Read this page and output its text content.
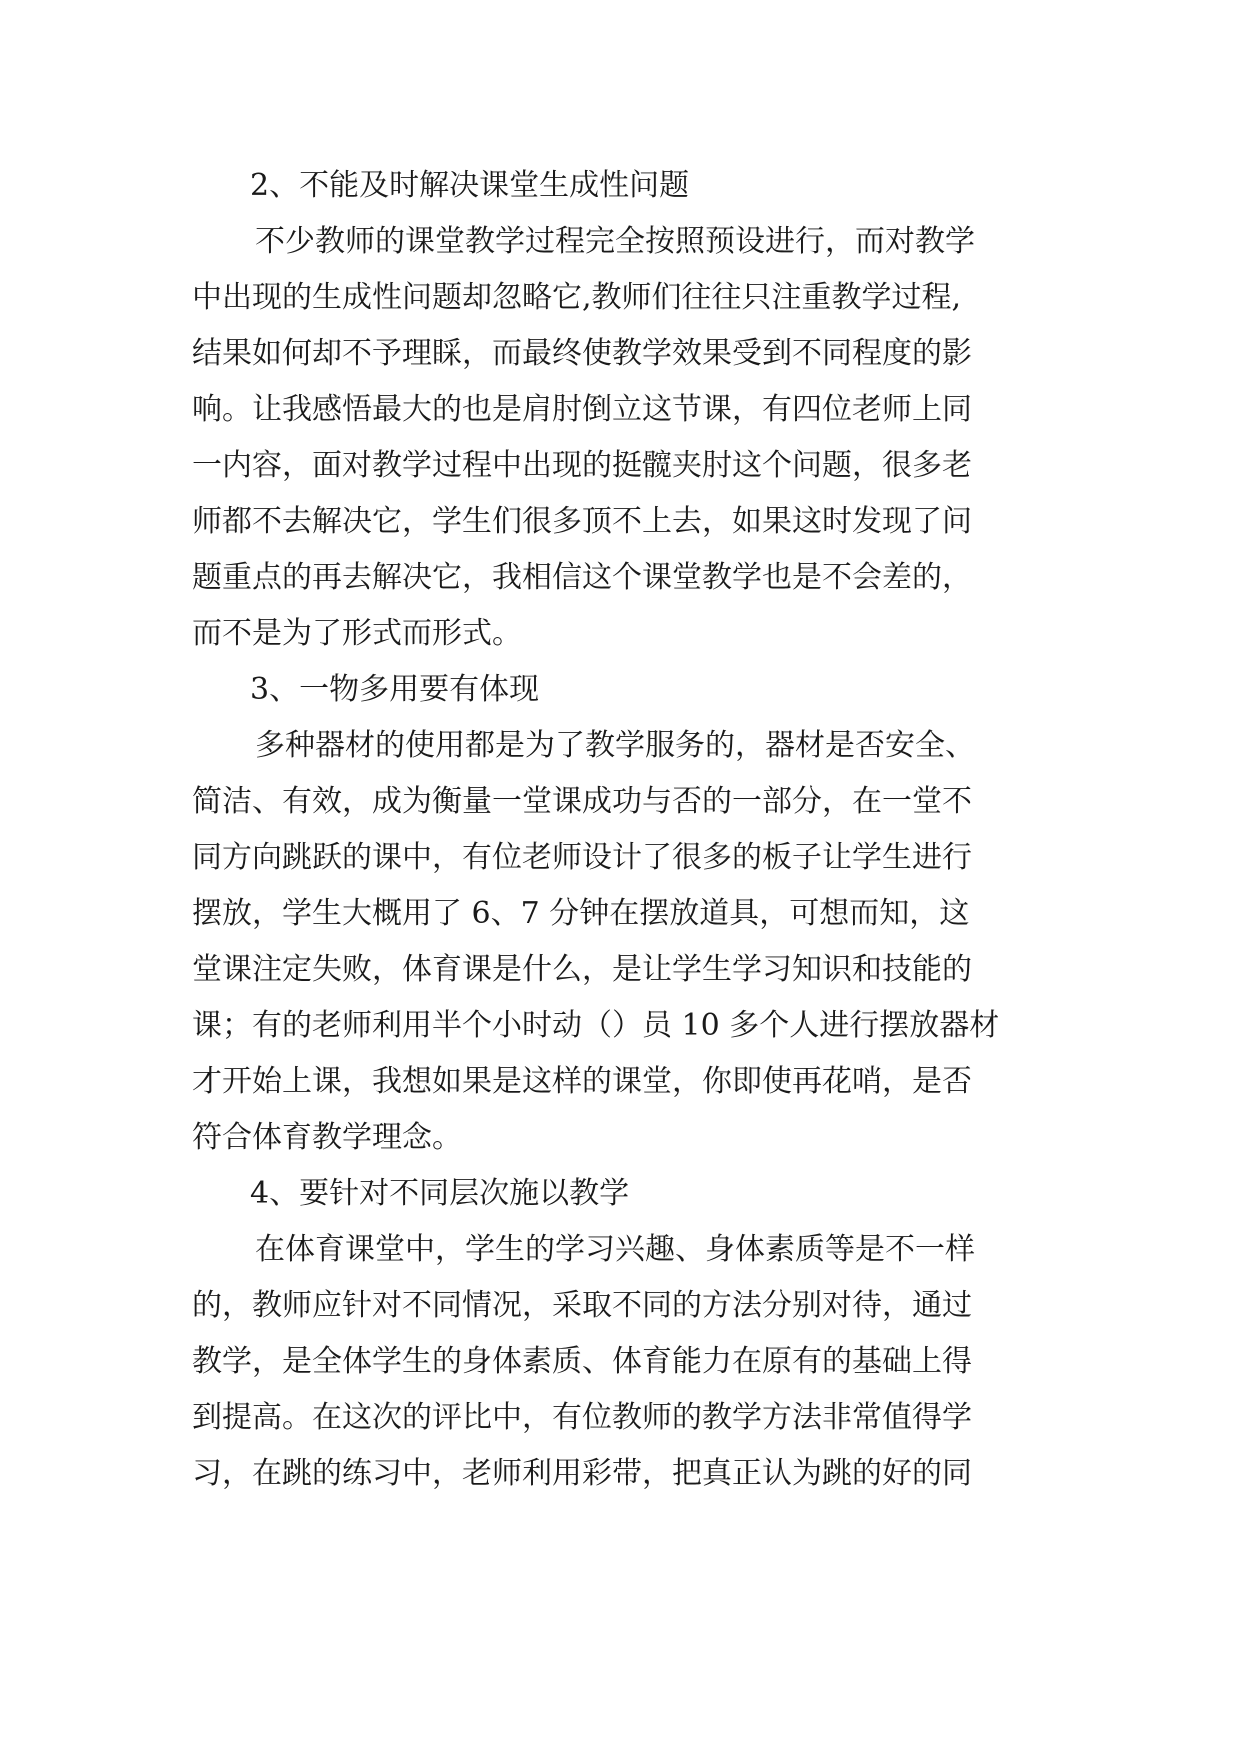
2、不能及时解决课堂生成性问题
不少教师的课堂教学过程完全按照预设进行，而对教学
中出现的生成性问题却忽略它,教师们往往只注重教学过程,
结果如何却不予理睬，而最终使教学效果受到不同程度的影
响。让我感悟最大的也是肩肘倒立这节课，有四位老师上同
一内容，面对教学过程中出现的挺髋夹肘这个问题，很多老
师都不去解决它，学生们很多顶不上去，如果这时发现了问
题重点的再去解决它，我相信这个课堂教学也是不会差的，
而不是为了形式而形式。
3、一物多用要有体现
多种器材的使用都是为了教学服务的，器材是否安全、
简洁、有效，成为衡量一堂课成功与否的一部分，在一堂不
同方向跳跃的课中，有位老师设计了很多的板子让学生进行
摆放，学生大概用了 6、7 分钟在摆放道具，可想而知，这
堂课注定失败，体育课是什么，是让学生学习知识和技能的
课；有的老师利用半个小时动（）员 10 多个人进行摆放器材
才开始上课，我想如果是这样的课堂，你即使再花哨，是否
符合体育教学理念。
4、要针对不同层次施以教学
在体育课堂中，学生的学习兴趣、身体素质等是不一样
的，教师应针对不同情况，采取不同的方法分别对待，通过
教学，是全体学生的身体素质、体育能力在原有的基础上得
到提高。在这次的评比中，有位教师的教学方法非常值得学
习，在跳的练习中，老师利用彩带，把真正认为跳的好的同
